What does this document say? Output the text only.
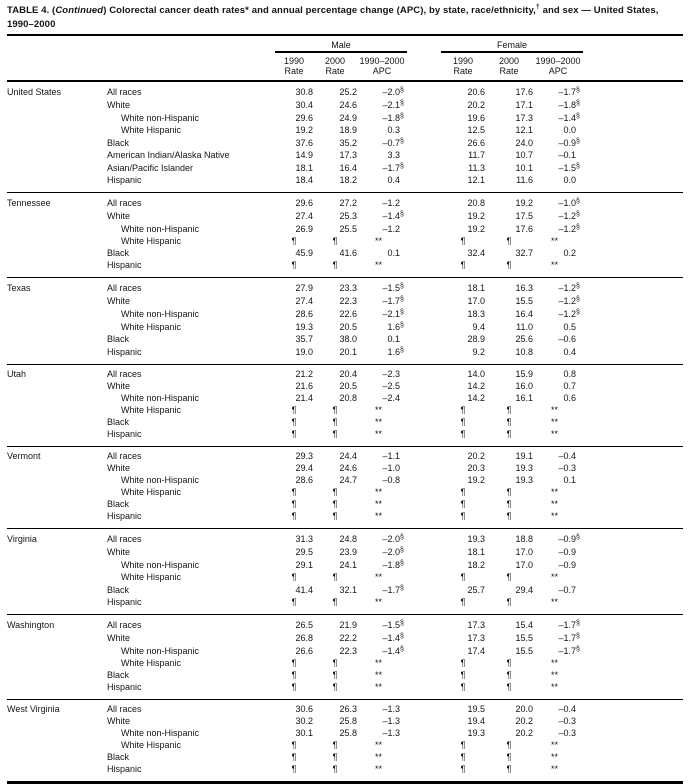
TABLE 4. (Continued) Colorectal cancer death rates* and annual percentage change (APC), by state, race/ethnicity,† and sex — United States, 1990–2000
		Male				Female			

1990
Rate

2000
Rate

1990–2000
APC

1990
Rate

2000
Rate

1990–2000
APC

United States	All races	30.8	25.2	–2.0§		20.6	17.6	–1.7§	
	White	30.4	24.6	–2.1§		20.2	17.1	–1.8§	
	White non-Hispanic	29.6	24.9	–1.8§		19.6	17.3	–1.4§	
	White Hispanic	19.2	18.9	0.3		12.5	12.1	0.0	
	Black	37.6	35.2	–0.7§		26.6	24.0	–0.9§	
	American Indian/Alaska Native	14.9	17.3	3.3		11.7	10.7	–0.1	
	Asian/Pacific Islander	18.1	16.4	–1.7§		11.3	10.1	–1.5§	
	Hispanic	18.4	18.2	0.4		12.1	11.6	0.0	
Tennessee	All races	29.6	27.2	–1.2		20.8	19.2	–1.0§	
	White	27.4	25.3	–1.4§		19.2	17.5	–1.2§	
	White non-Hispanic	26.9	25.5	–1.2		19.2	17.6	–1.2§	
	White Hispanic	¶	¶	**		¶	¶	**	
	Black	45.9	41.6	0.1		32.4	32.7	0.2	
	Hispanic	¶	¶	**		¶	¶	**	
Texas	All races	27.9	23.3	–1.5§		18.1	16.3	–1.2§	
	White	27.4	22.3	–1.7§		17.0	15.5	–1.2§	
	White non-Hispanic	28.6	22.6	–2.1§		18.3	16.4	–1.2§	
	White Hispanic	19.3	20.5	1.6§		9.4	11.0	0.5	
	Black	35.7	38.0	0.1		28.9	25.6	–0.6	
	Hispanic	19.0	20.1	1.6§		9.2	10.8	0.4	
Utah	All races	21.2	20.4	–2.3		14.0	15.9	0.8	
	White	21.6	20.5	–2.5		14.2	16.0	0.7	
	White non-Hispanic	21.4	20.8	–2.4		14.2	16.1	0.6	
	White Hispanic	¶	¶	**		¶	¶	**	
	Black	¶	¶	**		¶	¶	**	
	Hispanic	¶	¶	**		¶	¶	**	
Vermont	All races	29.3	24.4	–1.1		20.2	19.1	–0.4	
	White	29.4	24.6	–1.0		20.3	19.3	–0.3	
	White non-Hispanic	28.6	24.7	–0.8		19.2	19.3	0.1	
	White Hispanic	¶	¶	**		¶	¶	**	
	Black	¶	¶	**		¶	¶	**	
	Hispanic	¶	¶	**		¶	¶	**	
Virginia	All races	31.3	24.8	–2.0§		19.3	18.8	–0.9§	
	White	29.5	23.9	–2.0§		18.1	17.0	–0.9	
	White non-Hispanic	29.1	24.1	–1.8§		18.2	17.0	–0.9	
	White Hispanic	¶	¶	**		¶	¶	**	
	Black	41.4	32.1	–1.7§		25.7	29.4	–0.7	
	Hispanic	¶	¶	**		¶	¶	**	
Washington	All races	26.5	21.9	–1.5§		17.3	15.4	–1.7§	
	White	26.8	22.2	–1.4§		17.3	15.5	–1.7§	
	White non-Hispanic	26.6	22.3	–1.4§		17.4	15.5	–1.7§	
	White Hispanic	¶	¶	**		¶	¶	**	
	Black	¶	¶	**		¶	¶	**	
	Hispanic	¶	¶	**		¶	¶	**	
West Virginia	All races	30.6	26.3	–1.3		19.5	20.0	–0.4	
	White	30.2	25.8	–1.3		19.4	20.2	–0.3	
	White non-Hispanic	30.1	25.8	–1.3		19.3	20.2	–0.3	
	White Hispanic	¶	¶	**		¶	¶	**	
	Black	¶	¶	**		¶	¶	**	
	Hispanic	¶	¶	**		¶	¶	**	
